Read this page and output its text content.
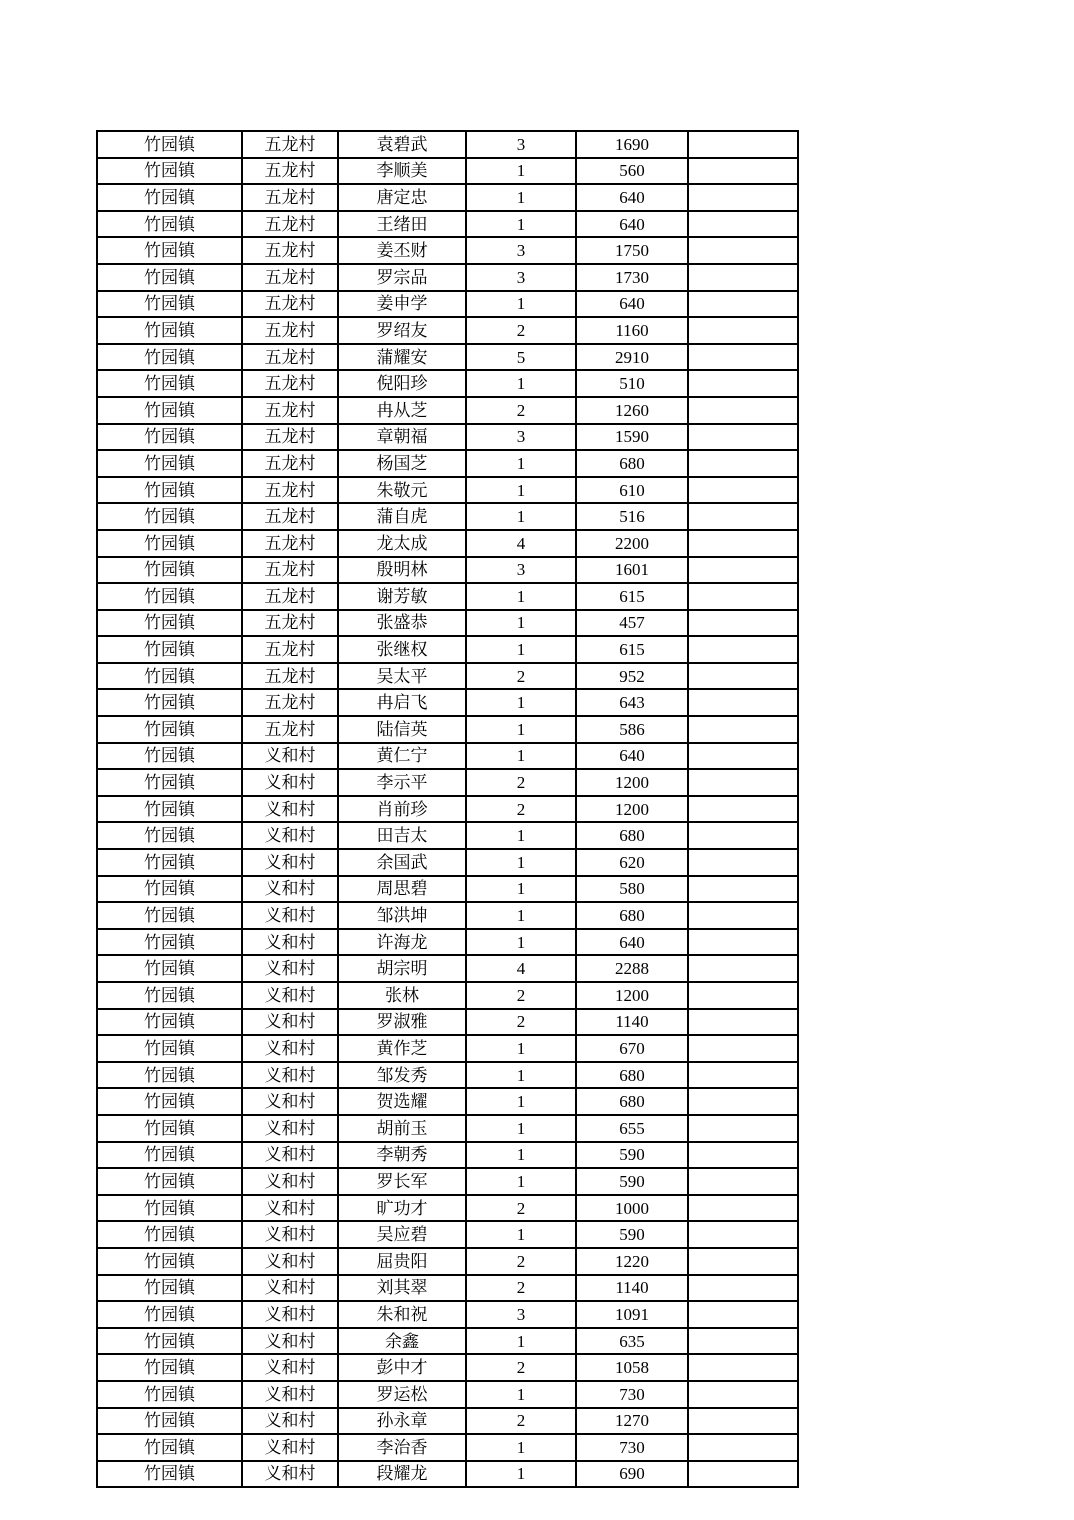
竹园镇	五龙村	袁碧武	3	1690	
竹园镇	五龙村	李顺美	1	560	
竹园镇	五龙村	唐定忠	1	640	
竹园镇	五龙村	王绪田	1	640	
竹园镇	五龙村	姜丕财	3	1750	
竹园镇	五龙村	罗宗品	3	1730	
竹园镇	五龙村	姜申学	1	640	
竹园镇	五龙村	罗绍友	2	1160	
竹园镇	五龙村	蒲耀安	5	2910	
竹园镇	五龙村	倪阳珍	1	510	
竹园镇	五龙村	冉从芝	2	1260	
竹园镇	五龙村	章朝福	3	1590	
竹园镇	五龙村	杨国芝	1	680	
竹园镇	五龙村	朱敬元	1	610	
竹园镇	五龙村	蒲自虎	1	516	
竹园镇	五龙村	龙太成	4	2200	
竹园镇	五龙村	殷明林	3	1601	
竹园镇	五龙村	谢芳敏	1	615	
竹园镇	五龙村	张盛恭	1	457	
竹园镇	五龙村	张继权	1	615	
竹园镇	五龙村	吴太平	2	952	
竹园镇	五龙村	冉启飞	1	643	
竹园镇	五龙村	陆信英	1	586	
竹园镇	义和村	黄仁宁	1	640	
竹园镇	义和村	李示平	2	1200	
竹园镇	义和村	肖前珍	2	1200	
竹园镇	义和村	田吉太	1	680	
竹园镇	义和村	余国武	1	620	
竹园镇	义和村	周思碧	1	580	
竹园镇	义和村	邹洪坤	1	680	
竹园镇	义和村	许海龙	1	640	
竹园镇	义和村	胡宗明	4	2288	
竹园镇	义和村	张林	2	1200	
竹园镇	义和村	罗淑雅	2	1140	
竹园镇	义和村	黄作芝	1	670	
竹园镇	义和村	邹发秀	1	680	
竹园镇	义和村	贺选耀	1	680	
竹园镇	义和村	胡前玉	1	655	
竹园镇	义和村	李朝秀	1	590	
竹园镇	义和村	罗长军	1	590	
竹园镇	义和村	旷功才	2	1000	
竹园镇	义和村	吴应碧	1	590	
竹园镇	义和村	屈贵阳	2	1220	
竹园镇	义和村	刘其翠	2	1140	
竹园镇	义和村	朱和祝	3	1091	
竹园镇	义和村	余鑫	1	635	
竹园镇	义和村	彭中才	2	1058	
竹园镇	义和村	罗运松	1	730	
竹园镇	义和村	孙永章	2	1270	
竹园镇	义和村	李治香	1	730	
竹园镇	义和村	段耀龙	1	690	
